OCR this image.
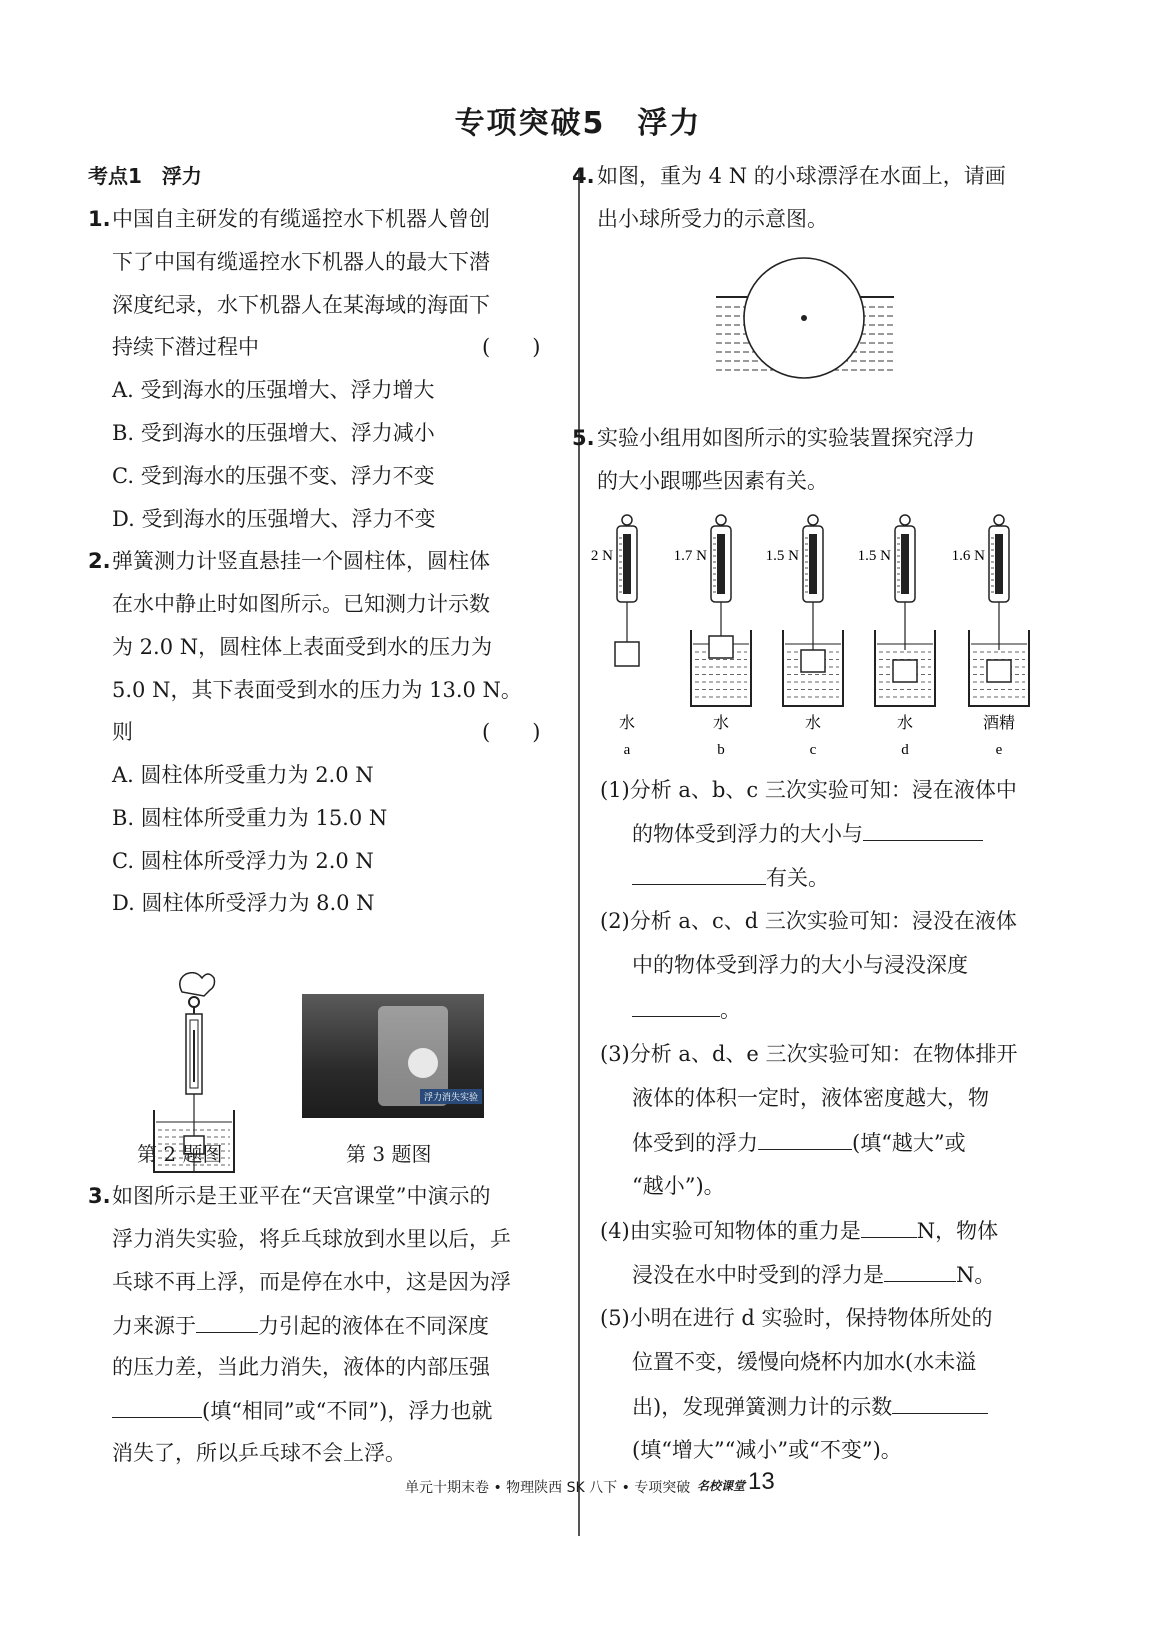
专项突破5　浮力
考点1　浮力
1. 中国自主研发的有缆遥控水下机器人曾创
下了中国有缆遥控水下机器人的最大下潜
深度纪录，水下机器人在某海域的海面下
持续下潜过程中	(　　)
A. 受到海水的压强增大、浮力增大
B. 受到海水的压强增大、浮力减小
C. 受到海水的压强不变、浮力不变
D. 受到海水的压强增大、浮力不变
2. 弹簧测力计竖直悬挂一个圆柱体，圆柱体
在水中静止时如图所示。已知测力计示数
为 2.0 N，圆柱体上表面受到水的压力为
5.0 N，其下表面受到水的压力为 13.0 N。
则	(　　)
A. 圆柱体所受重力为 2.0 N
B. 圆柱体所受重力为 15.0 N
C. 圆柱体所受浮力为 2.0 N
D. 圆柱体所受浮力为 8.0 N
浮力消失实验
第 2 题图	第 3 题图
3. 如图所示是王亚平在“天宫课堂”中演示的
浮力消失实验，将乒乓球放到水里以后，乒
乓球不再上浮，而是停在水中，这是因为浮
力来源于	力引起的液体在不同深度
的压力差，当此力消失，液体的内部压强
(填“相同”或“不同”)，浮力也就
消失了，所以乒乓球不会上浮。
4. 如图，重为 4 N 的小球漂浮在水面上，请画
出小球所受力的示意图。
5. 实验小组用如图所示的实验装置探究浮力
的大小跟哪些因素有关。
2 N
水
a
1.7 N
水
b
1.5 N
水
c
1.5 N
水
d
1.6 N
酒精
e
(1)分析 a、b、c 三次实验可知：浸在液体中
的物体受到浮力的大小与
有关。
(2)分析 a、c、d 三次实验可知：浸没在液体
中的物体受到浮力的大小与浸没深度
。
(3)分析 a、d、e 三次实验可知：在物体排开
液体的体积一定时，液体密度越大，物
体受到的浮力	(填“越大”或
“越小”)。
(4)由实验可知物体的重力是	N，物体
浸没在水中时受到的浮力是	N。
(5)小明在进行 d 实验时，保持物体所处的
位置不变，缓慢向烧杯内加水(水未溢
出)，发现弹簧测力计的示数
(填“增大”“减小”或“不变”)。
单元十期末卷 • 物理陕西 SK 八下 • 专项突破 名校课堂 13
